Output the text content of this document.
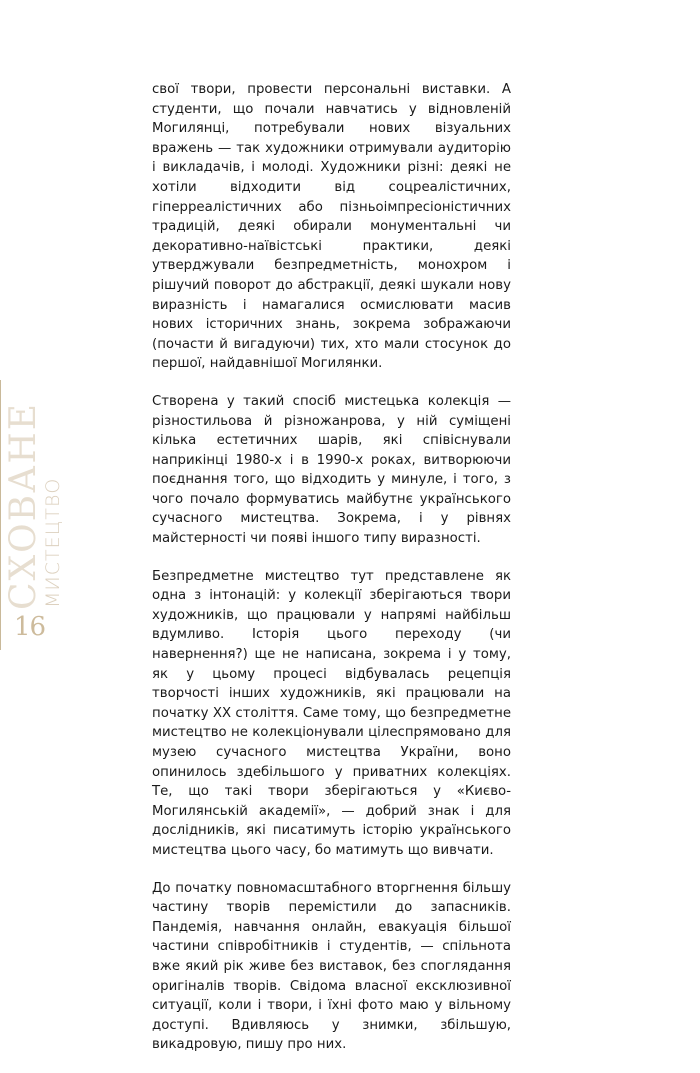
СХОВАНЕ
МИСТЕЦТВО
16

свої твори, провести персональні виставки. А студенти, що почали навчатись у відновленій Могилянці, потребували нових візуальних вражень — так художники отримували аудиторію і викладачів, і молоді. Художники різні: деякі не хотіли відходити від соцреалістичних, гіперреалістичних або пізньоімпресіоністичних традицій, деякі обирали монументальні чи декоративно-наївістські практики, деякі утверджували безпредметність, монохром і рішучий поворот до абстракції, деякі шукали нову виразність і намагалися осмислювати масив нових історичних знань, зокрема зображаючи (почасти й вигадуючи) тих, хто мали стосунок до першої, найдавнішої Могилянки.

Створена у такий спосіб мистецька колекція — різностильова й різножанрова, у ній суміщені кілька естетичних шарів, які співіснували наприкінці 1980-х і в 1990-х роках, витворюючи поєднання того, що відходить у минуле, і того, з чого почало формуватись майбутнє українського сучасного мистецтва. Зокрема, і у рівнях майстерності чи появі іншого типу виразності.

Безпредметне мистецтво тут представлене як одна з інтонацій: у колекції зберігаються твори художників, що працювали у напрямі найбільш вдумливо. Історія цього переходу (чи навернення?) ще не написана, зокрема і у тому, як у цьому процесі відбувалась рецепція творчості інших художників, які працювали на початку ХХ століття. Саме тому, що безпредметне мистецтво не колекціонували цілеспрямовано для музею сучасного мистецтва України, воно опинилось здебільшого у приватних колекціях. Те, що такі твори зберігаються у «Києво-Могилянській академії», — добрий знак і для дослідників, які писатимуть історію українського мистецтва цього часу, бо матимуть що вивчати.

До початку повномасштабного вторгнення більшу частину творів перемістили до запасників. Пандемія, навчання онлайн, евакуація більшої частини співробітників і студентів, — спільнота вже який рік живе без виставок, без споглядання оригіналів творів. Свідома власної ексклюзивної ситуації, коли і твори, і їхні фото маю у вільному доступі. Вдивляюсь у знимки, збільшую, викадровую, пишу про них.
